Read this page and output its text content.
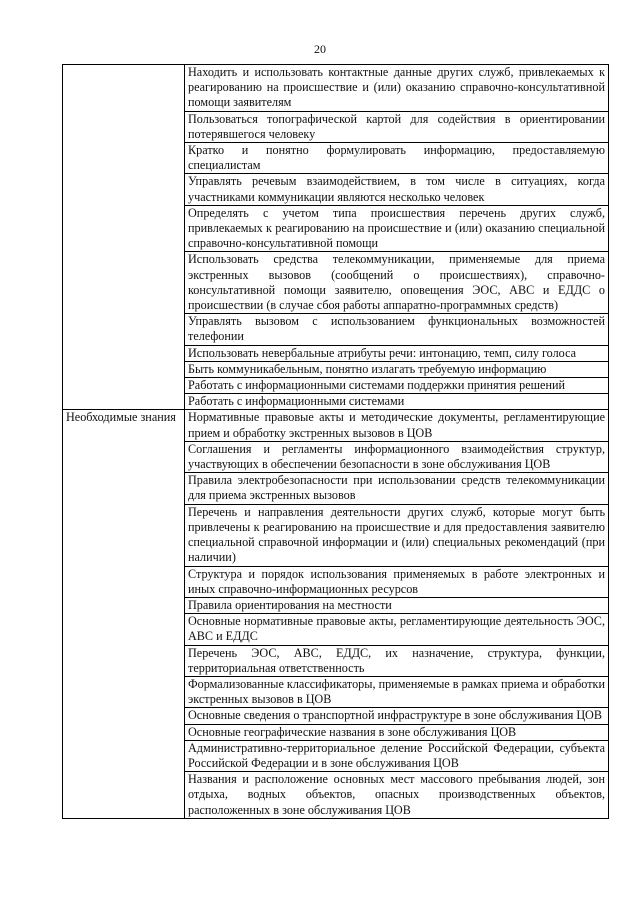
20
	Находить и использовать контактные данные других служб, привлекаемых к реагированию на происшествие и (или) оказанию справочно-консультативной помощи заявителям
	Пользоваться топографической картой для содействия в ориентировании потерявшегося человеку
	Кратко и понятно формулировать информацию, предоставляемую специалистам
	Управлять речевым взаимодействием, в том числе в ситуациях, когда участниками коммуникации являются несколько человек
	Определять с учетом типа происшествия перечень других служб, привлекаемых к реагированию на происшествие и (или) оказанию специальной справочно-консультативной помощи
	Использовать средства телекоммуникации, применяемые для приема экстренных вызовов (сообщений о происшествиях), справочно-консультативной помощи заявителю, оповещения ЭОС, АВС и ЕДДС о происшествии (в случае сбоя работы аппаратно-программных средств)
	Управлять вызовом с использованием функциональных возможностей телефонии
	Использовать невербальные атрибуты речи: интонацию, темп, силу голоса
	Быть коммуникабельным, понятно излагать требуемую информацию
	Работать с информационными системами поддержки принятия решений
	Работать с информационными системами
Необходимые знания	Нормативные правовые акты и методические документы, регламентирующие прием и обработку экстренных вызовов в ЦОВ
	Соглашения и регламенты информационного взаимодействия структур, участвующих в обеспечении безопасности в зоне обслуживания ЦОВ
	Правила электробезопасности при использовании средств телекоммуникации для приема экстренных вызовов
	Перечень и направления деятельности других служб, которые могут быть привлечены к реагированию на происшествие и для предоставления заявителю специальной справочной информации и (или) специальных рекомендаций (при наличии)
	Структура и порядок использования применяемых в работе электронных и иных справочно-информационных ресурсов
	Правила ориентирования на местности
	Основные нормативные правовые акты, регламентирующие деятельность ЭОС, АВС и ЕДДС
	Перечень ЭОС, АВС, ЕДДС, их назначение, структура, функции, территориальная ответственность
	Формализованные классификаторы, применяемые в рамках приема и обработки экстренных вызовов в ЦОВ
	Основные сведения о транспортной инфраструктуре в зоне обслуживания ЦОВ
	Основные географические названия в зоне обслуживания ЦОВ
	Административно-территориальное деление Российской Федерации, субъекта Российской Федерации и в зоне обслуживания ЦОВ
	Названия и расположение основных мест массового пребывания людей, зон отдыха, водных объектов, опасных производственных объектов, расположенных в зоне обслуживания ЦОВ
